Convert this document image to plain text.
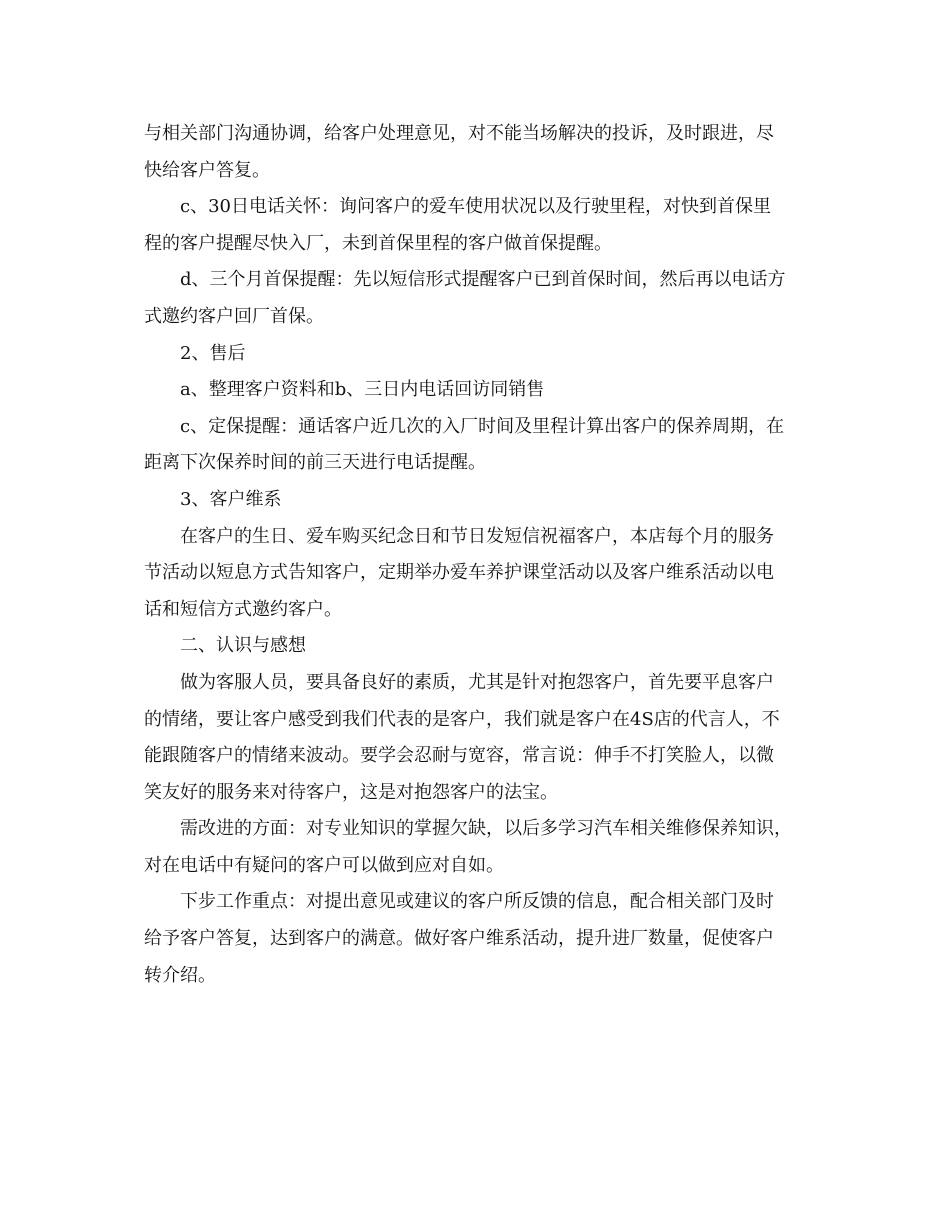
与相关部门沟通协调，给客户处理意见，对不能当场解决的投诉，及时跟进，尽
快给客户答复。
c、30日电话关怀：询问客户的爱车使用状况以及行驶里程，对快到首保里
程的客户提醒尽快入厂，未到首保里程的客户做首保提醒。
d、三个月首保提醒：先以短信形式提醒客户已到首保时间，然后再以电话方
式邀约客户回厂首保。
2、售后
a、整理客户资料和b、三日内电话回访同销售
c、定保提醒：通话客户近几次的入厂时间及里程计算出客户的保养周期，在
距离下次保养时间的前三天进行电话提醒。
3、客户维系
在客户的生日、爱车购买纪念日和节日发短信祝福客户，本店每个月的服务
节活动以短息方式告知客户，定期举办爱车养护课堂活动以及客户维系活动以电
话和短信方式邀约客户。
二、认识与感想
做为客服人员，要具备良好的素质，尤其是针对抱怨客户，首先要平息客户
的情绪，要让客户感受到我们代表的是客户，我们就是客户在4S店的代言人，不
能跟随客户的情绪来波动。要学会忍耐与宽容，常言说：伸手不打笑脸人，以微
笑友好的服务来对待客户，这是对抱怨客户的法宝。
需改进的方面：对专业知识的掌握欠缺，以后多学习汽车相关维修保养知识，
对在电话中有疑问的客户可以做到应对自如。
下步工作重点：对提出意见或建议的客户所反馈的信息，配合相关部门及时
给予客户答复，达到客户的满意。做好客户维系活动，提升进厂数量，促使客户
转介绍。
